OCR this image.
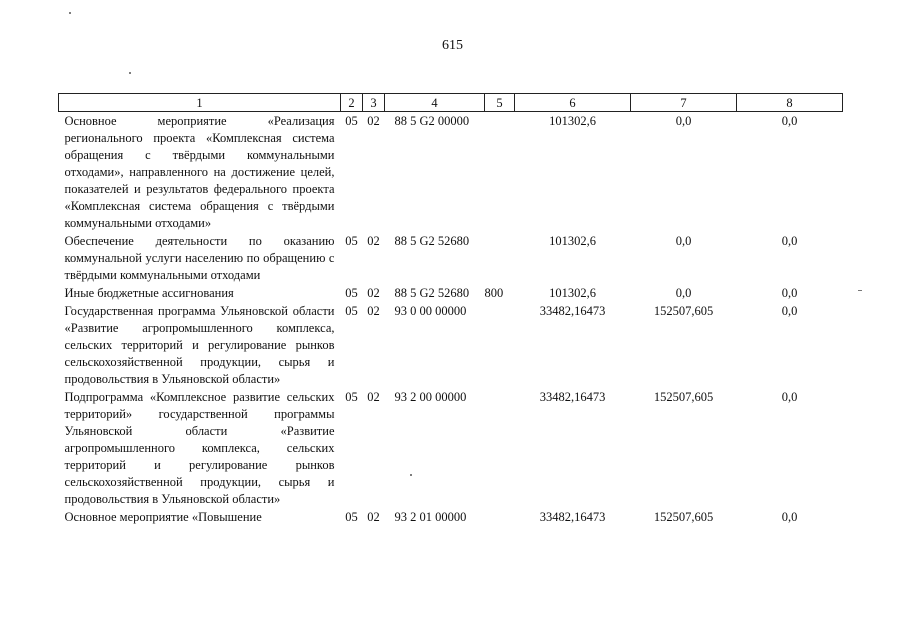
615
1	2	3	4	5	6	7	8
Основное мероприятие «Реализация регионального проекта «Комплексная система обращения с твёрдыми коммунальными отходами», направленного на достижение целей, показателей и результатов федерального проекта «Комплексная система обращения с твёрдыми коммунальными отходами»	05	02	88 5 G2 00000		101302,6	0,0	0,0
Обеспечение деятельности по оказанию коммунальной услуги населению по обращению с твёрдыми коммунальными отходами	05	02	88 5 G2 52680		101302,6	0,0	0,0
Иные бюджетные ассигнования	05	02	88 5 G2 52680	800	101302,6	0,0	0,0
Государственная программа Ульяновской области «Развитие агропромышленного комплекса, сельских территорий и регулирование рынков сельскохозяйственной продукции, сырья и продовольствия в Ульяновской области»	05	02	93 0 00 00000		33482,16473	152507,605	0,0
Подпрограмма «Комплексное развитие сельских территорий» государственной программы Ульяновской области «Развитие агропромышленного комплекса, сельских территорий и регулирование рынков сельскохозяйственной продукции, сырья и продовольствия в Ульяновской области»	05	02	93 2 00 00000		33482,16473	152507,605	0,0
Основное мероприятие «Повышение	05	02	93 2 01 00000		33482,16473	152507,605	0,0
